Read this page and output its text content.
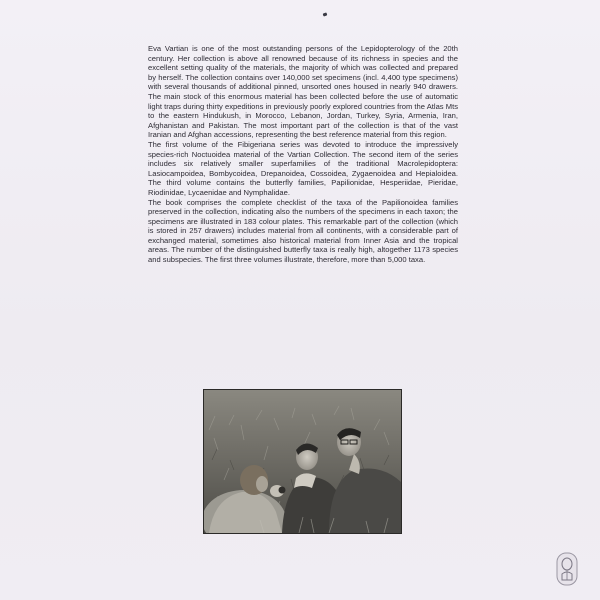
Eva Vartian is one of the most outstanding persons of the Lepidopterology of the 20th century. Her collection is above all renowned because of its richness in species and the excellent setting quality of the materials, the majority of which was collected and prepared by herself. The collection contains over 140,000 set specimens (incl. 4,400 type specimens) with several thousands of additional pinned, unsorted ones housed in nearly 940 drawers. The main stock of this enormous material has been collected before the use of automatic light traps during thirty expeditions in previously poorly explored countries from the Atlas Mts to the eastern Hindukush, in Morocco, Lebanon, Jordan, Turkey, Syria, Armenia, Iran, Afghanistan and Pakistan. The most important part of the collection is that of the vast Iranian and Afghan accessions, representing the best reference material from this region.

The first volume of the Fibigeriana series was devoted to introduce the impressively species-rich Noctuoidea material of the Vartian Collection. The second item of the series includes six relatively smaller superfamilies of the traditional Macrolepidoptera: Lasiocampoidea, Bombycoidea, Drepanoidea, Cossoidea, Zygaenoidea and Hepialoidea. The third volume contains the butterfly families, Papilionidae, Hesperiidae, Pieridae, Riodinidae, Lycaenidae and Nymphalidae.

The book comprises the complete checklist of the taxa of the Papilionoidea families preserved in the collection, indicating also the numbers of the specimens in each taxon; the specimens are illustrated in 183 colour plates. This remarkable part of the collection (which is stored in 257 drawers) includes material from all continents, with a considerable part of exchanged material, sometimes also historical material from Inner Asia and the tropical areas. The number of the distinguished butterfly taxa is really high, altogether 1173 species and subspecies. The first three volumes illustrate, therefore, more than 5,000 taxa.
